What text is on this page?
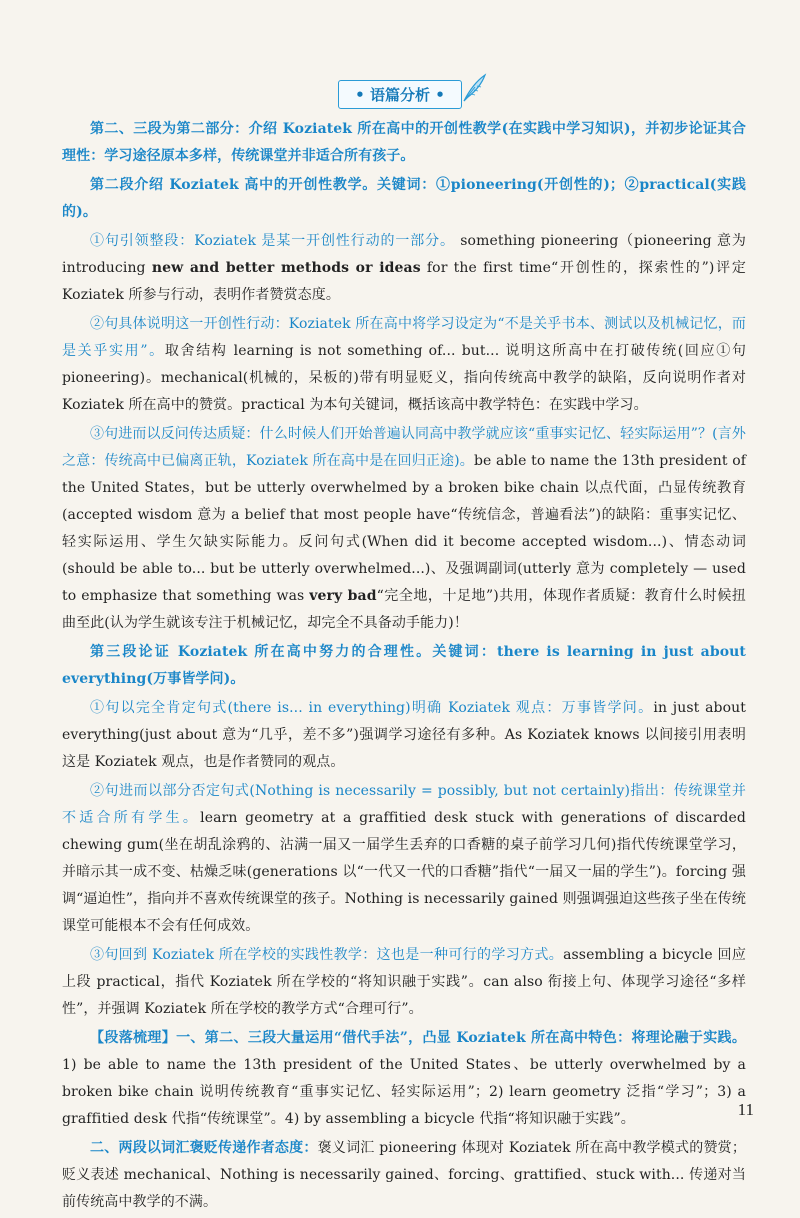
• 语篇分析 •

第二、三段为第二部分：介绍 Koziatek 所在高中的开创性教学(在实践中学习知识)，并初步论证其合理性：学习途径原本多样，传统课堂并非适合所有孩子。

第二段介绍 Koziatek 高中的开创性教学。关键词：①pioneering(开创性的)；②practical(实践的)。

①句引领整段：Koziatek 是某一开创性行动的一部分。 something pioneering（pioneering 意为 introducing new and better methods or ideas for the first time“开创性的，探索性的”)评定 Koziatek 所参与行动，表明作者赞赏态度。

②句具体说明这一开创性行动：Koziatek 所在高中将学习设定为“不是关乎书本、测试以及机械记忆，而是关乎实用”。取舍结构 learning is not something of... but... 说明这所高中在打破传统(回应①句 pioneering)。mechanical(机械的，呆板的)带有明显贬义，指向传统高中教学的缺陷，反向说明作者对 Koziatek 所在高中的赞赏。practical 为本句关键词，概括该高中教学特色：在实践中学习。

③句进而以反问传达质疑：什么时候人们开始普遍认同高中教学就应该“重事实记忆、轻实际运用”？(言外之意：传统高中已偏离正轨，Koziatek 所在高中是在回归正途)。be able to name the 13th president of the United States，but be utterly overwhelmed by a broken bike chain 以点代面，凸显传统教育(accepted wisdom 意为 a belief that most people have“传统信念，普遍看法”)的缺陷：重事实记忆、轻实际运用、学生欠缺实际能力。反问句式(When did it become accepted wisdom...)、情态动词(should be able to... but be utterly overwhelmed...)、及强调副词(utterly 意为 completely — used to emphasize that something was very bad“完全地，十足地”)共用，体现作者质疑：教育什么时候扭曲至此(认为学生就该专注于机械记忆，却完全不具备动手能力)！

第三段论证 Koziatek 所在高中努力的合理性。关键词：there is learning in just about everything(万事皆学问)。

①句以完全肯定句式(there is... in everything)明确 Koziatek 观点：万事皆学问。in just about everything(just about 意为“几乎，差不多”)强调学习途径有多种。As Koziatek knows 以间接引用表明这是 Koziatek 观点，也是作者赞同的观点。

②句进而以部分否定句式(Nothing is necessarily = possibly, but not certainly)指出：传统课堂并不适合所有学生。learn geometry at a graffitied desk stuck with generations of discarded chewing gum(坐在胡乱涂鸦的、沾满一届又一届学生丢弃的口香糖的桌子前学习几何)指代传统课堂学习，并暗示其一成不变、枯燥乏味(generations 以“一代又一代的口香糖”指代“一届又一届的学生”)。forcing 强调“逼迫性”，指向并不喜欢传统课堂的孩子。Nothing is necessarily gained 则强调强迫这些孩子坐在传统课堂可能根本不会有任何成效。

③句回到 Koziatek 所在学校的实践性教学：这也是一种可行的学习方式。assembling a bicycle 回应上段 practical，指代 Koziatek 所在学校的“将知识融于实践”。can also 衔接上句、体现学习途径“多样性”，并强调 Koziatek 所在学校的教学方式“合理可行”。

【段落梳理】一、第二、三段大量运用“借代手法”，凸显 Koziatek 所在高中特色：将理论融于实践。1) be able to name the 13th president of the United States、be utterly overwhelmed by a broken bike chain 说明传统教育“重事实记忆、轻实际运用”；2) learn geometry 泛指“学习”；3) a graffitied desk 代指“传统课堂”。4) by assembling a bicycle 代指“将知识融于实践”。

二、两段以词汇褒贬传递作者态度：褒义词汇 pioneering 体现对 Koziatek 所在高中教学模式的赞赏；贬义表述 mechanical、Nothing is necessarily gained、forcing、grattified、stuck with... 传递对当前传统高中教学的不满。

11
